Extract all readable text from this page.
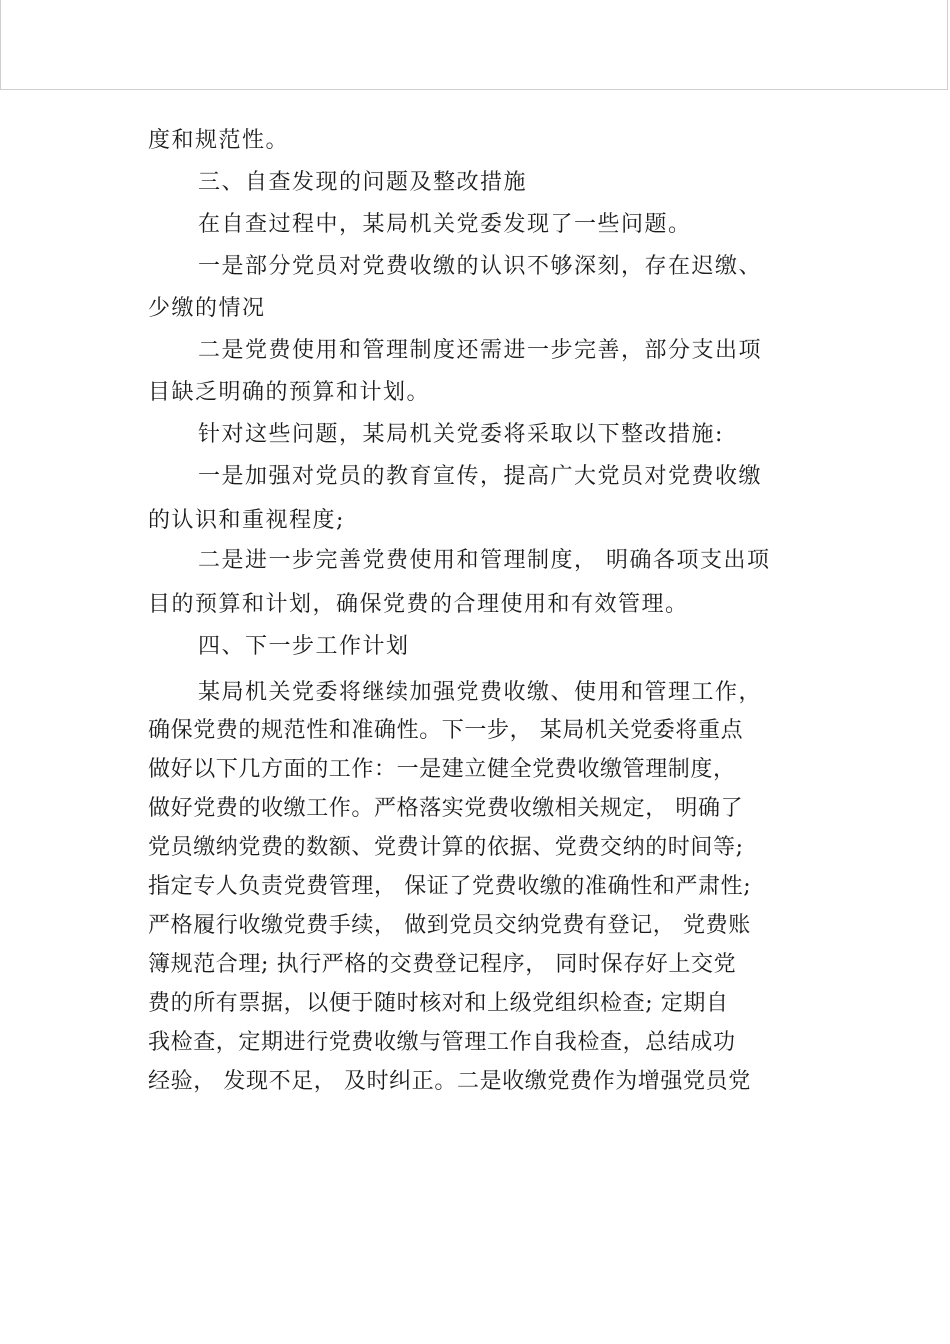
度和规范性。
三、自查发现的问题及整改措施
在自查过程中，某局机关党委发现了一些问题。
一是部分党员对党费收缴的认识不够深刻，存在迟缴、
少缴的情况
二是党费使用和管理制度还需进一步完善，部分支出项
目缺乏明确的预算和计划。
针对这些问题，某局机关党委将采取以下整改措施:
一是加强对党员的教育宣传，提高广大党员对党费收缴
的认识和重视程度;
二是进一步完善党费使用和管理制度， 明确各项支出项
目的预算和计划，确保党费的合理使用和有效管理。
四、下一步工作计划
某局机关党委将继续加强党费收缴、使用和管理工作，
确保党费的规范性和准确性。下一步， 某局机关党委将重点
做好以下几方面的工作：一是建立健全党费收缴管理制度，
做好党费的收缴工作。严格落实党费收缴相关规定， 明确了
党员缴纳党费的数额、党费计算的依据、党费交纳的时间等;
指定专人负责党费管理， 保证了党费收缴的准确性和严肃性;
严格履行收缴党费手续， 做到党员交纳党费有登记， 党费账
簿规范合理; 执行严格的交费登记程序， 同时保存好上交党
费的所有票据，以便于随时核对和上级党组织检查; 定期自
我检查，定期进行党费收缴与管理工作自我检查，总结成功
经验， 发现不足， 及时纠正。二是收缴党费作为增强党员党
